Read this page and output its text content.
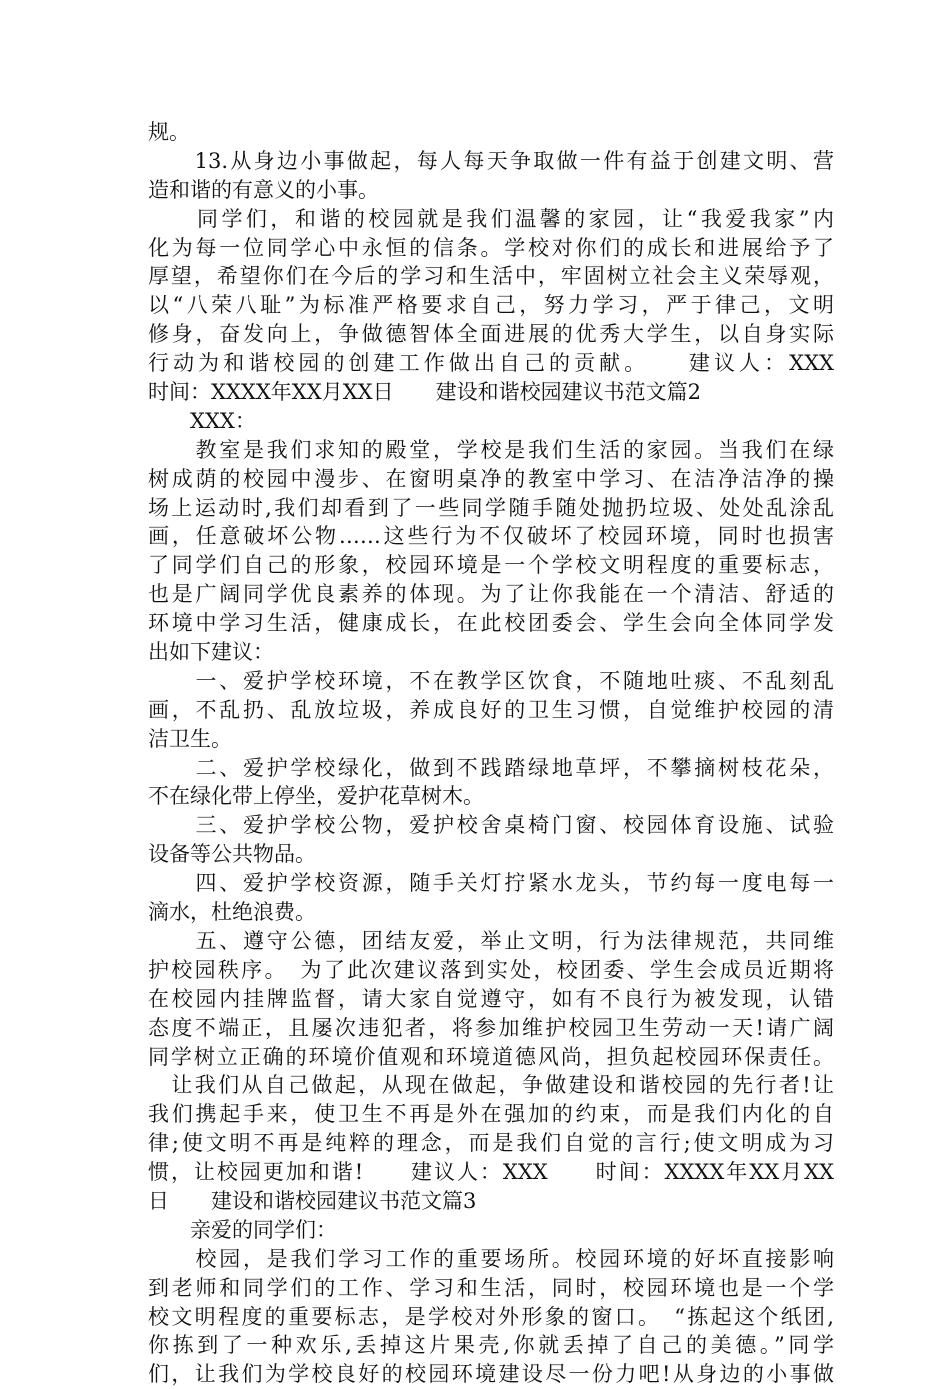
规。
　　13.从身边小事做起，每人每天争取做一件有益于创建文明、营
造和谐的有意义的小事。
　　同学们，和谐的校园就是我们温馨的家园，让“我爱我家”内
化为每一位同学心中永恒的信条。学校对你们的成长和进展给予了
厚望，希望你们在今后的学习和生活中，牢固树立社会主义荣辱观，
以“八荣八耻”为标准严格要求自己，努力学习，严于律己，文明
修身，奋发向上，争做德智体全面进展的优秀大学生，以自身实际
行动为和谐校园的创建工作做出自己的贡献。　　建议人：XXX
时间：XXXX年XX月XX日　　建设和谐校园建议书范文篇2
　　XXX：
　　教室是我们求知的殿堂，学校是我们生活的家园。当我们在绿
树成荫的校园中漫步、在窗明桌净的教室中学习、在洁净洁净的操
场上运动时,我们却看到了一些同学随手随处抛扔垃圾、处处乱涂乱
画，任意破坏公物……这些行为不仅破坏了校园环境，同时也损害
了同学们自己的形象，校园环境是一个学校文明程度的重要标志，
也是广阔同学优良素养的体现。为了让你我能在一个清洁、舒适的
环境中学习生活，健康成长，在此校团委会、学生会向全体同学发
出如下建议：
　　一、爱护学校环境，不在教学区饮食，不随地吐痰、不乱刻乱
画，不乱扔、乱放垃圾，养成良好的卫生习惯，自觉维护校园的清
洁卫生。
　　二、爱护学校绿化，做到不践踏绿地草坪，不攀摘树枝花朵，
不在绿化带上停坐，爱护花草树木。
　　三、爱护学校公物，爱护校舍桌椅门窗、校园体育设施、试验
设备等公共物品。
　　四、爱护学校资源，随手关灯拧紧水龙头，节约每一度电每一
滴水，杜绝浪费。
　　五、遵守公德，团结友爱，举止文明，行为法律规范，共同维
护校园秩序。　为了此次建议落到实处，校团委、学生会成员近期将
在校园内挂牌监督，请大家自觉遵守，如有不良行为被发现，认错
态度不端正，且屡次违犯者，将参加维护校园卫生劳动一天!请广阔
同学树立正确的环境价值观和环境道德风尚，担负起校园环保责任。
　让我们从自己做起，从现在做起，争做建设和谐校园的先行者!让
我们携起手来，使卫生不再是外在强加的约束，而是我们内化的自
律;使文明不再是纯粹的理念，而是我们自觉的言行;使文明成为习
惯，让校园更加和谐!　　建议人：XXX　　时间：XXXX年XX月XX
日　　建设和谐校园建议书范文篇3
　　亲爱的同学们：
　　校园，是我们学习工作的重要场所。校园环境的好坏直接影响
到老师和同学们的工作、学习和生活，同时，校园环境也是一个学
校文明程度的重要标志，是学校对外形象的窗口。　“拣起这个纸团,
你拣到了一种欢乐,丢掉这片果壳,你就丢掉了自己的美德。”同学
们，让我们为学校良好的校园环境建设尽一份力吧!从身边的小事做
